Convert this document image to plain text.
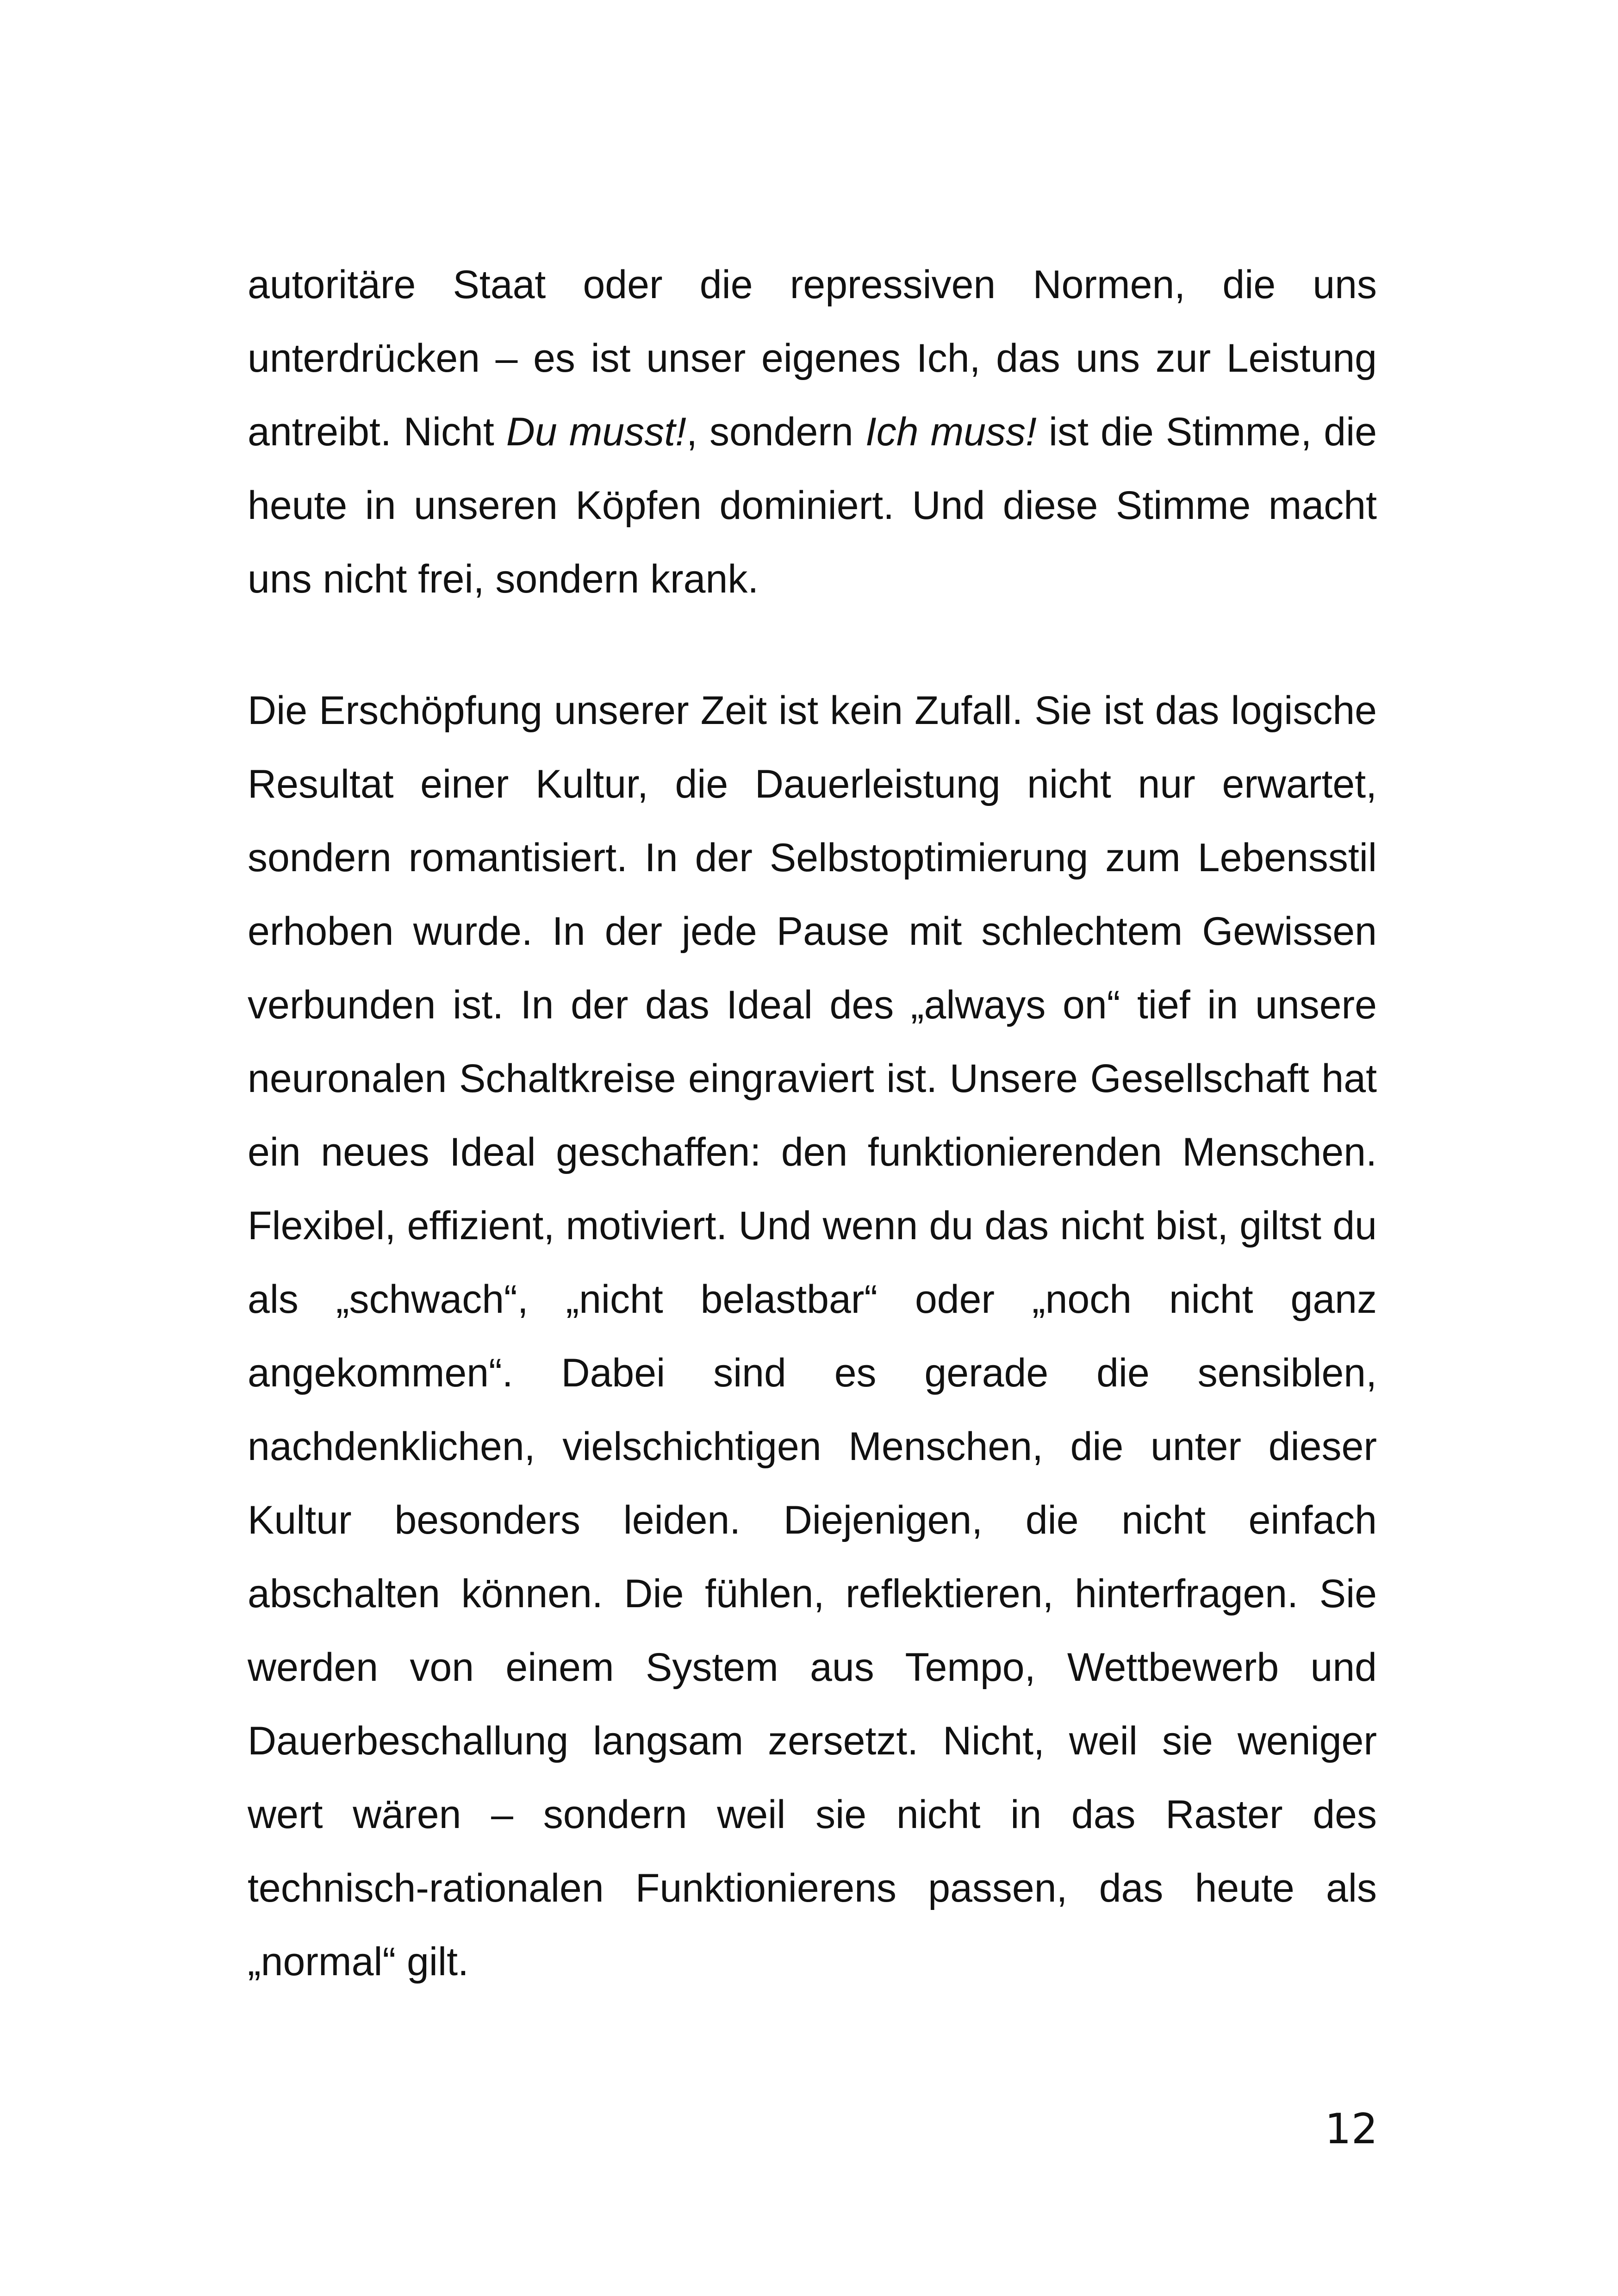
autoritäre Staat oder die repressiven Normen, die uns unterdrücken – es ist unser eigenes Ich, das uns zur Leistung antreibt. Nicht Du musst!, sondern Ich muss! ist die Stimme, die heute in unseren Köpfen dominiert. Und diese Stimme macht uns nicht frei, sondern krank.

Die Erschöpfung unserer Zeit ist kein Zufall. Sie ist das logische Resultat einer Kultur, die Dauerleistung nicht nur erwartet, sondern romantisiert. In der Selbstoptimierung zum Lebensstil erhoben wurde. In der jede Pause mit schlechtem Gewissen verbunden ist. In der das Ideal des „always on“ tief in unsere neuronalen Schaltkreise eingraviert ist. Unsere Gesellschaft hat ein neues Ideal geschaffen: den funktionierenden Menschen. Flexibel, effizient, motiviert. Und wenn du das nicht bist, giltst du als „schwach“, „nicht belastbar“ oder „noch nicht ganz angekommen“. Dabei sind es gerade die sensiblen, nachdenklichen, vielschichtigen Menschen, die unter dieser Kultur besonders leiden. Diejenigen, die nicht einfach abschalten können. Die fühlen, reflektieren, hinterfragen. Sie werden von einem System aus Tempo, Wettbewerb und Dauerbeschallung langsam zersetzt. Nicht, weil sie weniger wert wären – sondern weil sie nicht in das Raster des technisch-rationalen Funktionierens passen, das heute als „normal“ gilt.

12
